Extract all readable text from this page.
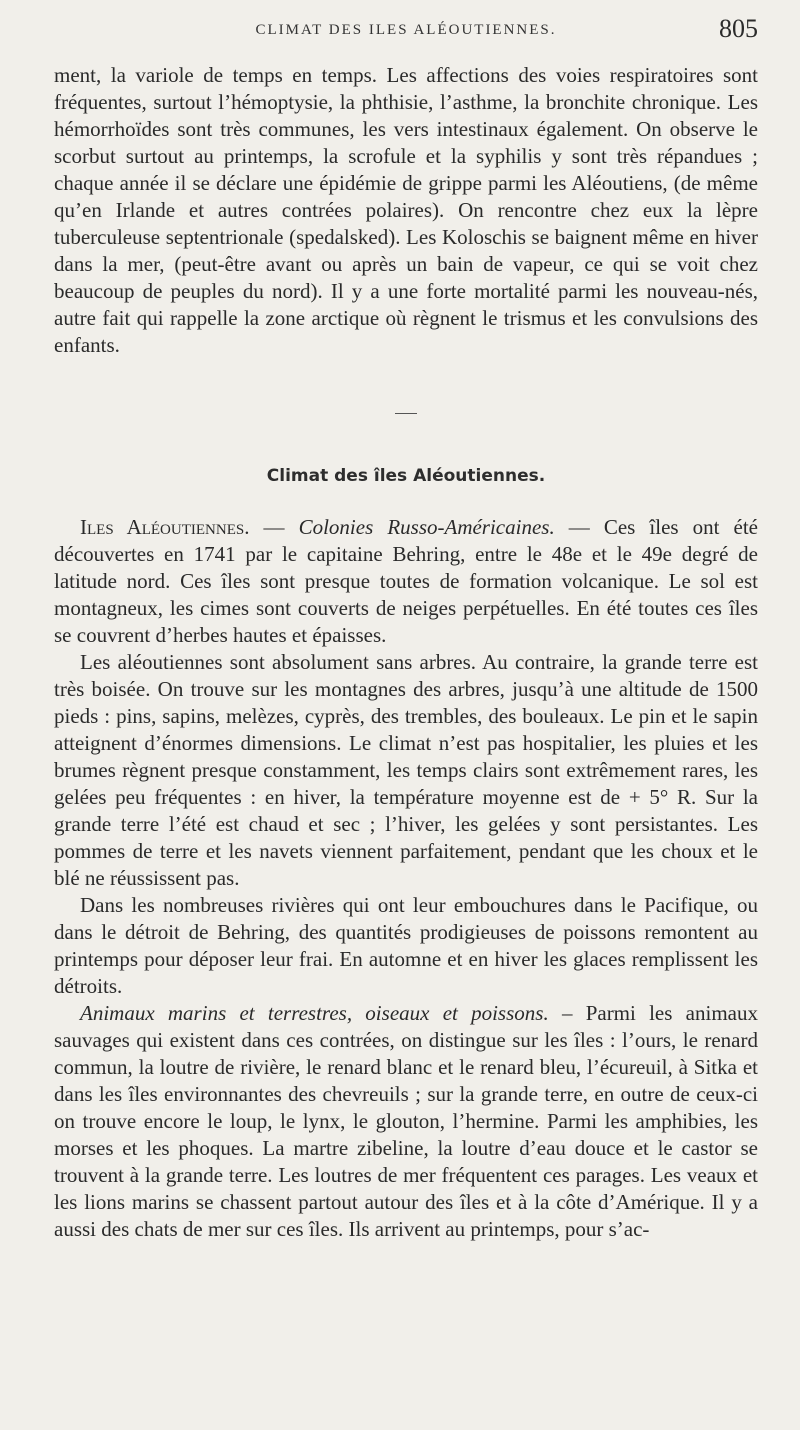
CLIMAT DES ILES ALÉOUTIENNES.	805

ment, la variole de temps en temps. Les affections des voies respiratoires sont fréquentes, surtout l’hémoptysie, la phthisie, l’asthme, la bronchite chronique. Les hémorrhoïdes sont très communes, les vers intestinaux également. On observe le scorbut surtout au printemps, la scrofule et la syphilis y sont très répandues ; chaque année il se déclare une épidémie de grippe parmi les Aléoutiens, (de même qu’en Irlande et autres contrées polaires). On rencontre chez eux la lèpre tuberculeuse septentrionale (spedalsked). Les Koloschis se baignent même en hiver dans la mer, (peut-être avant ou après un bain de vapeur, ce qui se voit chez beaucoup de peuples du nord). Il y a une forte mortalité parmi les nouveau-nés, autre fait qui rappelle la zone arctique où règnent le trismus et les convulsions des enfants.

Climat des îles Aléoutiennes.

Iles Aléoutiennes. — Colonies Russo-Américaines. — Ces îles ont été découvertes en 1741 par le capitaine Behring, entre le 48e et le 49e degré de latitude nord. Ces îles sont presque toutes de formation volcanique. Le sol est montagneux, les cimes sont couverts de neiges perpétuelles. En été toutes ces îles se couvrent d’herbes hautes et épaisses.

Les aléoutiennes sont absolument sans arbres. Au contraire, la grande terre est très boisée. On trouve sur les montagnes des arbres, jusqu’à une altitude de 1500 pieds : pins, sapins, melèzes, cyprès, des trembles, des bouleaux. Le pin et le sapin atteignent d’énormes dimensions. Le climat n’est pas hospitalier, les pluies et les brumes règnent presque constamment, les temps clairs sont extrêmement rares, les gelées peu fréquentes : en hiver, la température moyenne est de + 5° R. Sur la grande terre l’été est chaud et sec ; l’hiver, les gelées y sont persistantes. Les pommes de terre et les navets viennent parfaitement, pendant que les choux et le blé ne réussissent pas.

Dans les nombreuses rivières qui ont leur embouchures dans le Pacifique, ou dans le détroit de Behring, des quantités prodigieuses de poissons remontent au printemps pour déposer leur frai. En automne et en hiver les glaces remplissent les détroits.

Animaux marins et terrestres, oiseaux et poissons. – Parmi les animaux sauvages qui existent dans ces contrées, on distingue sur les îles : l’ours, le renard commun, la loutre de rivière, le renard blanc et le renard bleu, l’écureuil, à Sitka et dans les îles environnantes des chevreuils ; sur la grande terre, en outre de ceux-ci on trouve encore le loup, le lynx, le glouton, l’hermine. Parmi les amphibies, les morses et les phoques. La martre zibeline, la loutre d’eau douce et le castor se trouvent à la grande terre. Les loutres de mer fréquentent ces parages. Les veaux et les lions marins se chassent partout autour des îles et à la côte d’Amérique. Il y a aussi des chats de mer sur ces îles. Ils arrivent au printemps, pour s’ac-
